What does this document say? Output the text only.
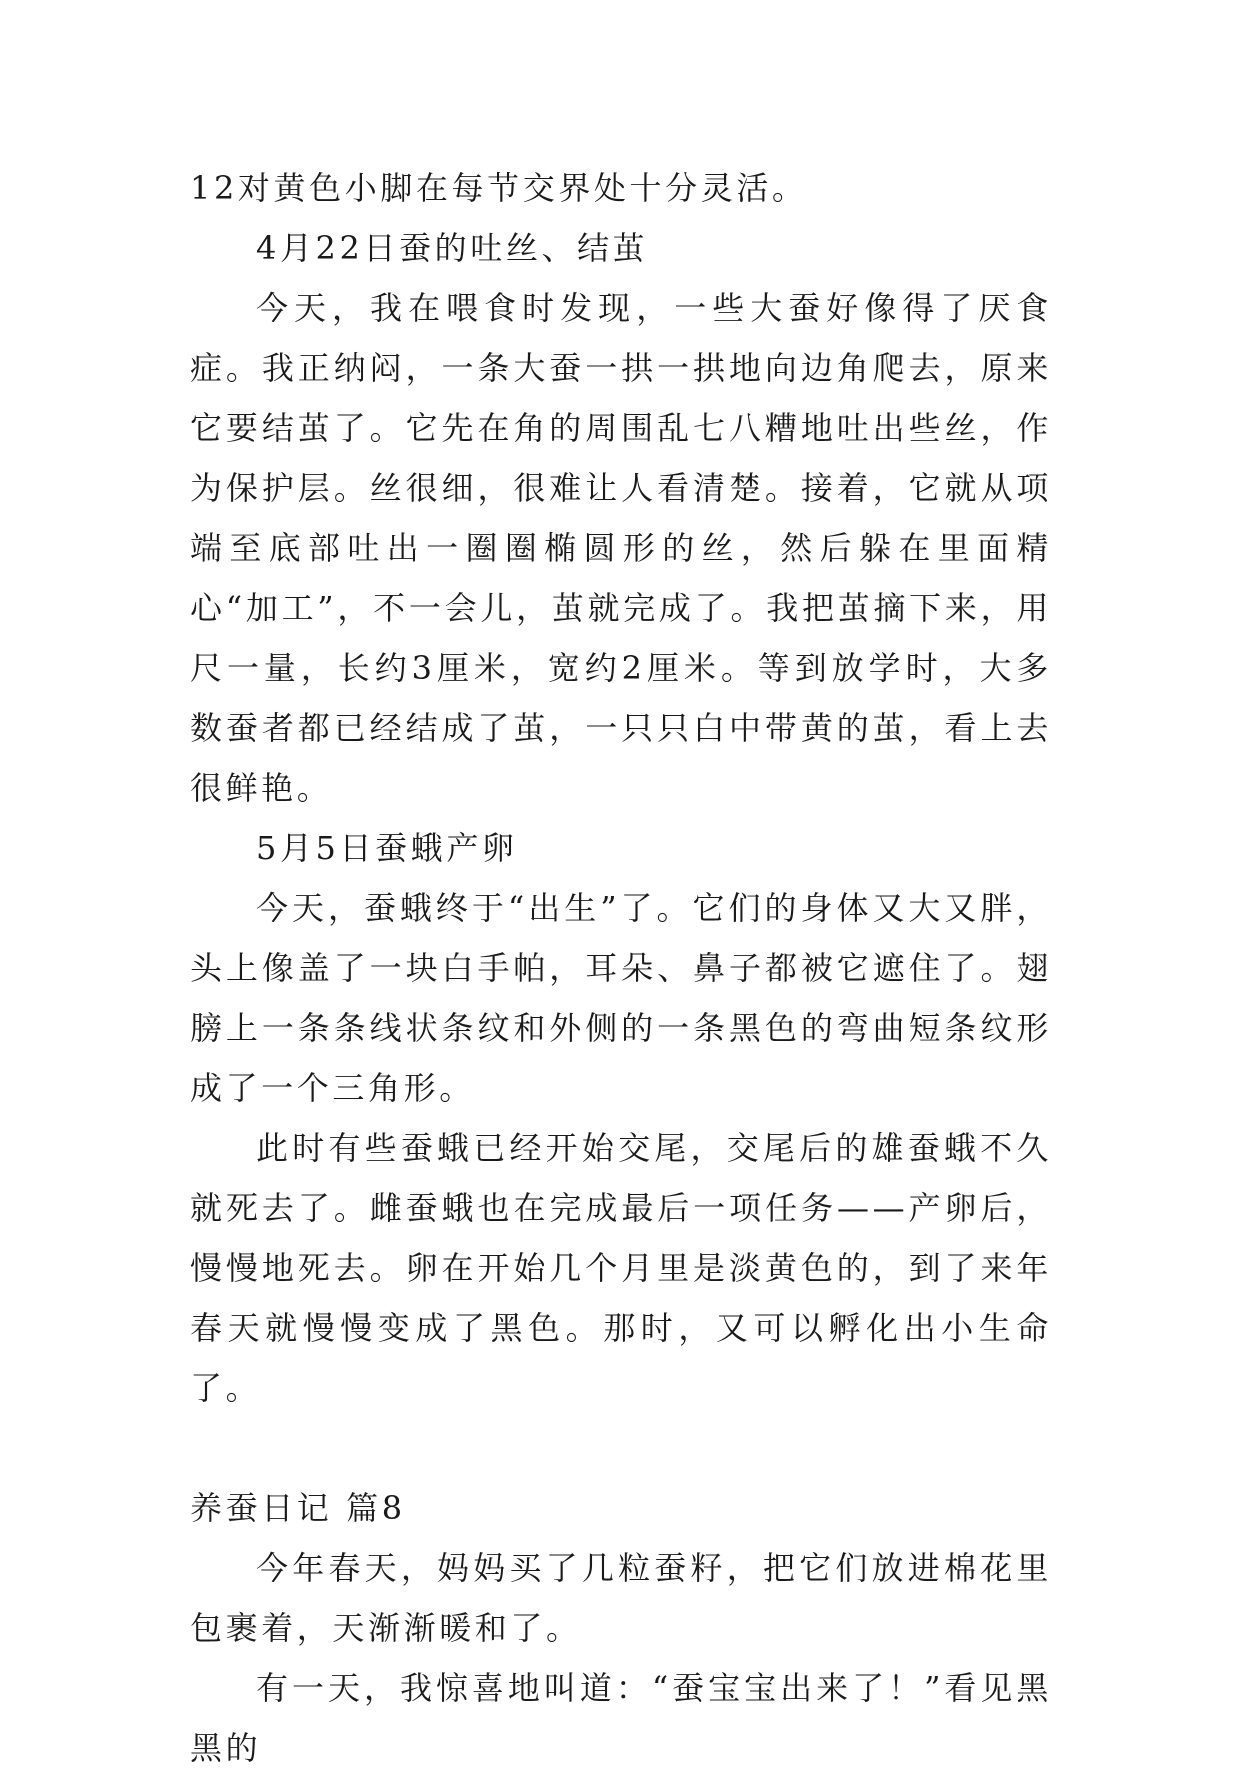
12对黄色小脚在每节交界处十分灵活。

4月22日蚕的吐丝、结茧

今天，我在喂食时发现，一些大蚕好像得了厌食症。我正纳闷，一条大蚕一拱一拱地向边角爬去，原来它要结茧了。它先在角的周围乱七八糟地吐出些丝，作为保护层。丝很细，很难让人看清楚。接着，它就从项端至底部吐出一圈圈椭圆形的丝，然后躲在里面精心“加工”，不一会儿，茧就完成了。我把茧摘下来，用尺一量，长约3厘米，宽约2厘米。等到放学时，大多数蚕者都已经结成了茧，一只只白中带黄的茧，看上去很鲜艳。

5月5日蚕蛾产卵

今天，蚕蛾终于“出生”了。它们的身体又大又胖，头上像盖了一块白手帕，耳朵、鼻子都被它遮住了。翅膀上一条条线状条纹和外侧的一条黑色的弯曲短条纹形成了一个三角形。

此时有些蚕蛾已经开始交尾，交尾后的雄蚕蛾不久就死去了。雌蚕蛾也在完成最后一项任务——产卵后，慢慢地死去。卵在开始几个月里是淡黄色的，到了来年春天就慢慢变成了黑色。那时，又可以孵化出小生命了。

养蚕日记 篇8

今年春天，妈妈买了几粒蚕籽，把它们放进棉花里包裹着，天渐渐暖和了。

有一天，我惊喜地叫道：“蚕宝宝出来了！”看见黑黑的
